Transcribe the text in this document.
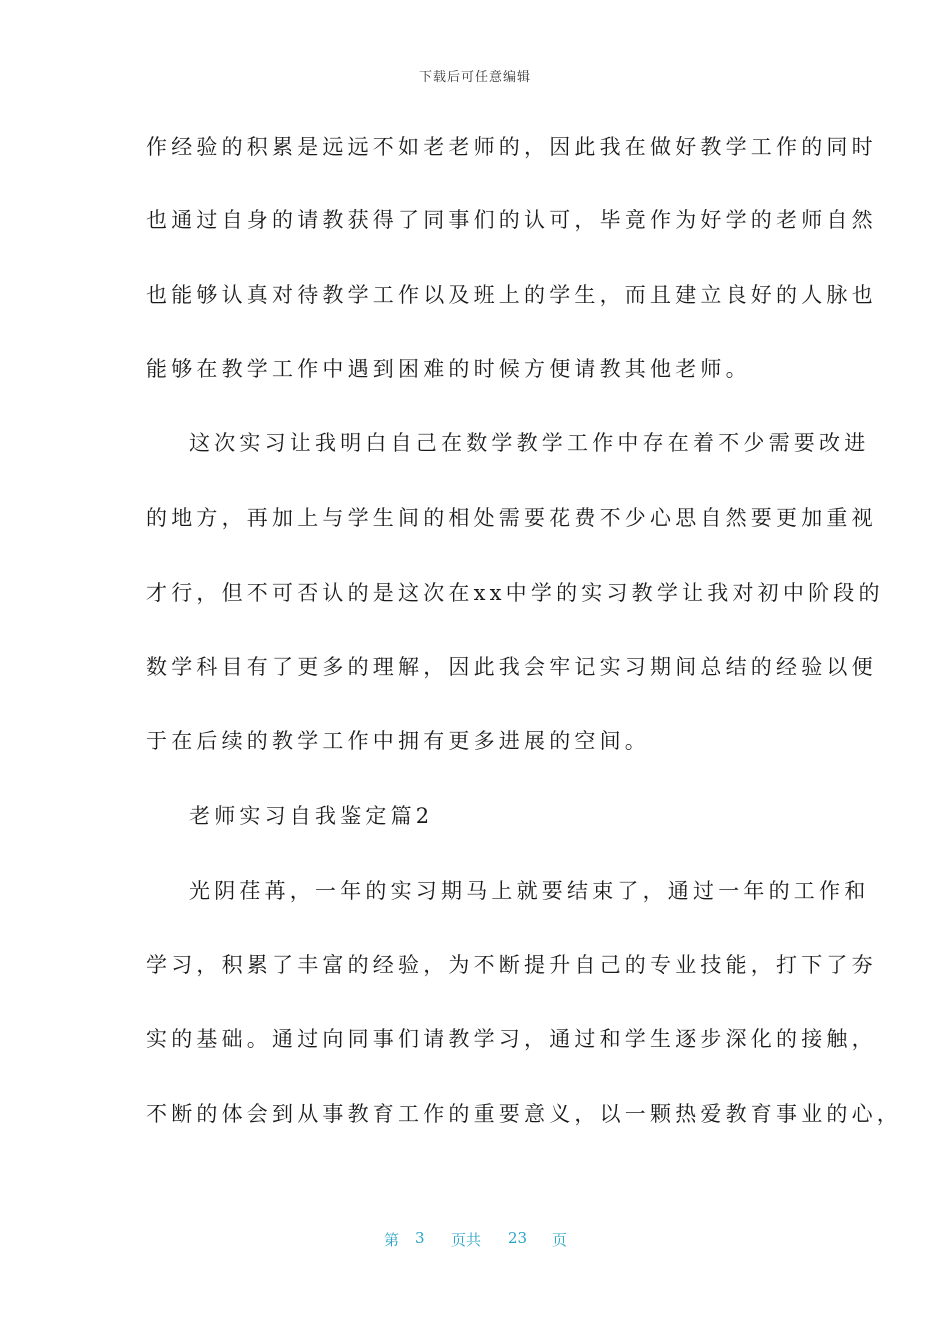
下载后可任意编辑
作经验的积累是远远不如老老师的，因此我在做好教学工作的同时
也通过自身的请教获得了同事们的认可，毕竟作为好学的老师自然
也能够认真对待教学工作以及班上的学生，而且建立良好的人脉也
能够在教学工作中遇到困难的时候方便请教其他老师。
这次实习让我明白自己在数学教学工作中存在着不少需要改进
的地方，再加上与学生间的相处需要花费不少心思自然要更加重视
才行，但不可否认的是这次在xx中学的实习教学让我对初中阶段的
数学科目有了更多的理解，因此我会牢记实习期间总结的经验以便
于在后续的教学工作中拥有更多进展的空间。
老师实习自我鉴定篇2
光阴荏苒，一年的实习期马上就要结束了，通过一年的工作和
学习，积累了丰富的经验，为不断提升自己的专业技能，打下了夯
实的基础。通过向同事们请教学习，通过和学生逐步深化的接触，
不断的体会到从事教育工作的重要意义，以一颗热爱教育事业的心，
第 3 页共 23 页
